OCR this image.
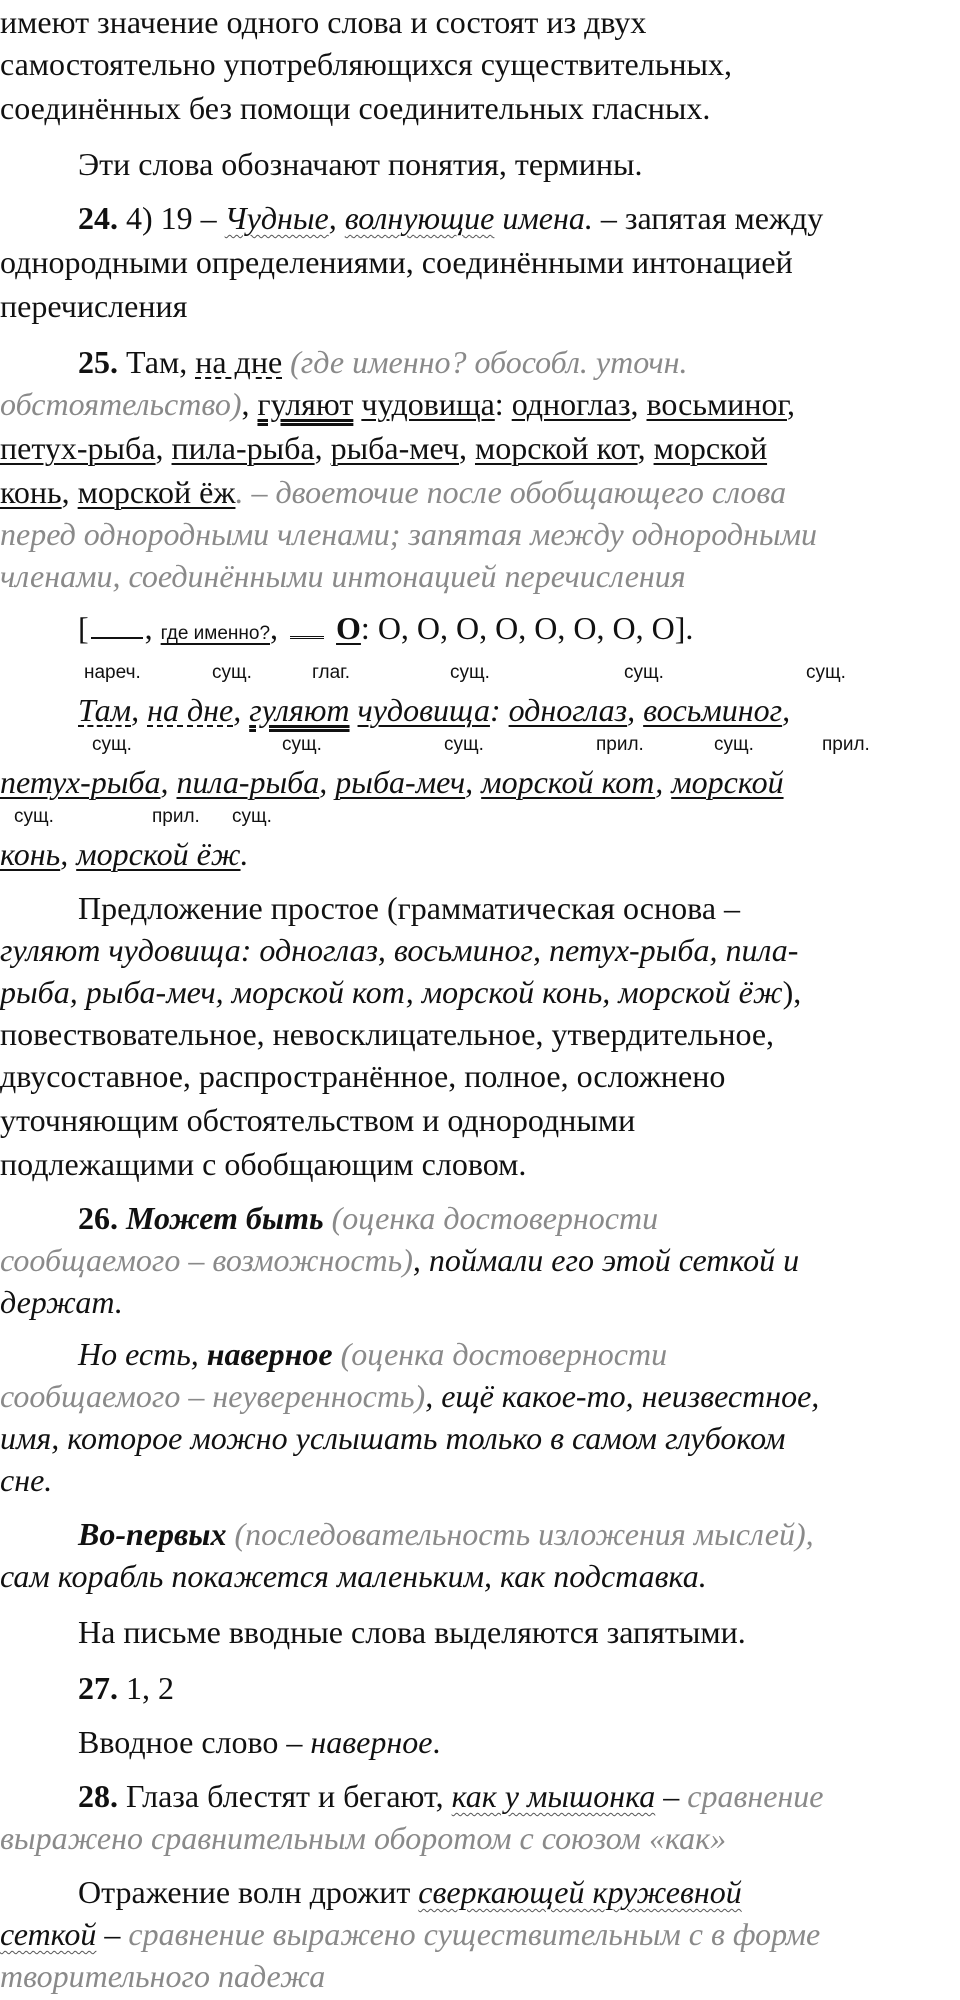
имеют значение одного слова и состоят из двух
самостоятельно употребляющихся существительных,
соединённых без помощи соединительных гласных.
Эти слова обозначают понятия, термины.
24. 4) 19 – Чудные, волнующие имена. – запятая между
однородными определениями, соединёнными интонацией
перечисления
25. Там, на дне (где именно? обособл. уточн.
обстоятельство), гуляют чудовища: одноглаз, восьминог,
петух-рыба, пила-рыба, рыба-меч, морской кот, морской
конь, морской ёж. – двоеточие после обобщающего слова
перед однородными членами; запятая между однородными
членами, соединёнными интонацией перечисления
[ , где именно?,  О: О, О, О, О, О, О, О, О].
нареч.	сущ.	глаг.	сущ.	сущ.	сущ.
Там, на дне, гуляют чудовища: одноглаз, восьминог,
сущ.	сущ.	сущ.	прил.	сущ.	прил.
петух-рыба, пила-рыба, рыба-меч, морской кот, морской
сущ.	прил. сущ.
конь, морской ёж.
Предложение простое (грамматическая основа –
гуляют чудовища: одноглаз, восьминог, петух-рыба, пила-
рыба, рыба-меч, морской кот, морской конь, морской ёж),
повествовательное, невосклицательное, утвердительное,
двусоставное, распространённое, полное, осложнено
уточняющим обстоятельством и однородными
подлежащими с обобщающим словом.
26. Может быть (оценка достоверности
сообщаемого – возможность), поймали его этой сеткой и
держат.
Но есть, наверное (оценка достоверности
сообщаемого – неуверенность), ещё какое-то, неизвестное,
имя, которое можно услышать только в самом глубоком
сне.
Во-первых (последовательность изложения мыслей),
сам корабль покажется маленьким, как подставка.
На письме вводные слова выделяются запятыми.
27. 1, 2
Вводное слово – наверное.
28. Глаза блестят и бегают, как у мышонка – сравнение
выражено сравнительным оборотом с союзом «как»
Отражение волн дрожит сверкающей кружевной
сеткой – сравнение выражено существительным с в форме
творительного падежа
